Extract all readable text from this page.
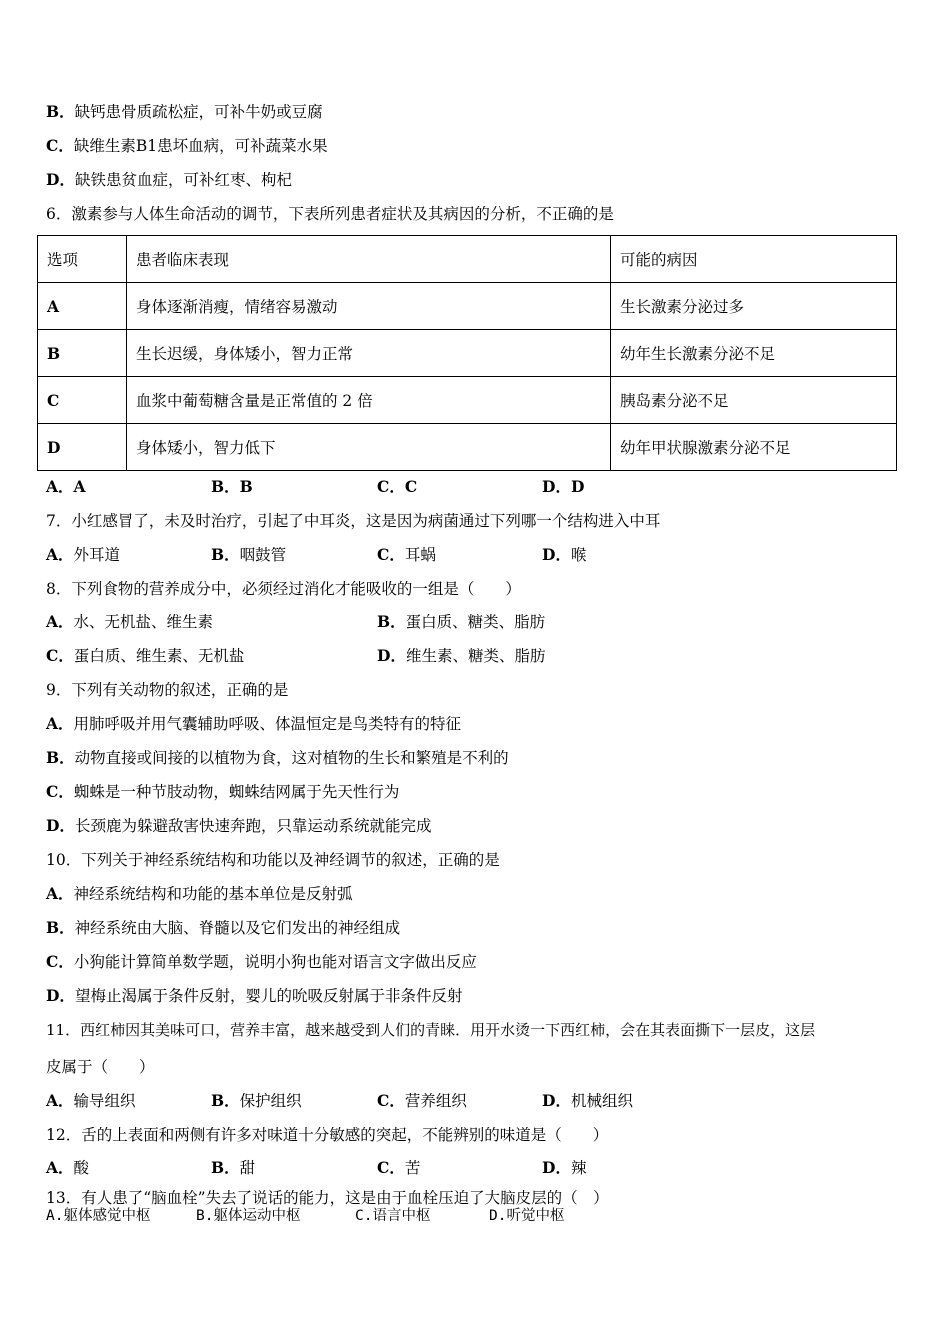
B．缺钙患骨质疏松症，可补牛奶或豆腐
C．缺维生素B1患坏血病，可补蔬菜水果
D．缺铁患贫血症，可补红枣、枸杞
6．激素参与人体生命活动的调节，下表所列患者症状及其病因的分析，不正确的是
选项	患者临床表现	可能的病因
A	身体逐渐消瘦，情绪容易激动	生长激素分泌过多
B	生长迟缓，身体矮小，智力正常	幼年生长激素分泌不足
C	血浆中葡萄糖含量是正常值的 2 倍	胰岛素分泌不足
D	身体矮小，智力低下	幼年甲状腺激素分泌不足
A．A	B．B	C．C	D．D
7．小红感冒了，未及时治疗，引起了中耳炎，这是因为病菌通过下列哪一个结构进入中耳
A．外耳道	B．咽鼓管	C．耳蜗	D．喉
8．下列食物的营养成分中，必须经过消化才能吸收的一组是（　　）
A．水、无机盐、维生素	B．蛋白质、糖类、脂肪
C．蛋白质、维生素、无机盐	D．维生素、糖类、脂肪
9．下列有关动物的叙述，正确的是
A．用肺呼吸并用气囊辅助呼吸、体温恒定是鸟类特有的特征
B．动物直接或间接的以植物为食，这对植物的生长和繁殖是不利的
C．蜘蛛是一种节肢动物，蜘蛛结网属于先天性行为
D．长颈鹿为躲避敌害快速奔跑，只靠运动系统就能完成
10．下列关于神经系统结构和功能以及神经调节的叙述，正确的是
A．神经系统结构和功能的基本单位是反射弧
B．神经系统由大脑、脊髓以及它们发出的神经组成
C．小狗能计算简单数学题，说明小狗也能对语言文字做出反应
D．望梅止渴属于条件反射，婴儿的吮吸反射属于非条件反射
11．西红柿因其美味可口，营养丰富，越来越受到人们的青睐．用开水烫一下西红柿，会在其表面撕下一层皮，这层
皮属于（　　）
A．输导组织	B．保护组织	C．营养组织	D．机械组织
12．舌的上表面和两侧有许多对味道十分敏感的突起，不能辨别的味道是（　　）
A．酸	B．甜	C．苦	D．辣
13．有人患了“脑血栓”失去了说话的能力，这是由于血栓压迫了大脑皮层的（　）
A.躯体感觉中枢	B.躯体运动中枢	C.语言中枢	D.听觉中枢
